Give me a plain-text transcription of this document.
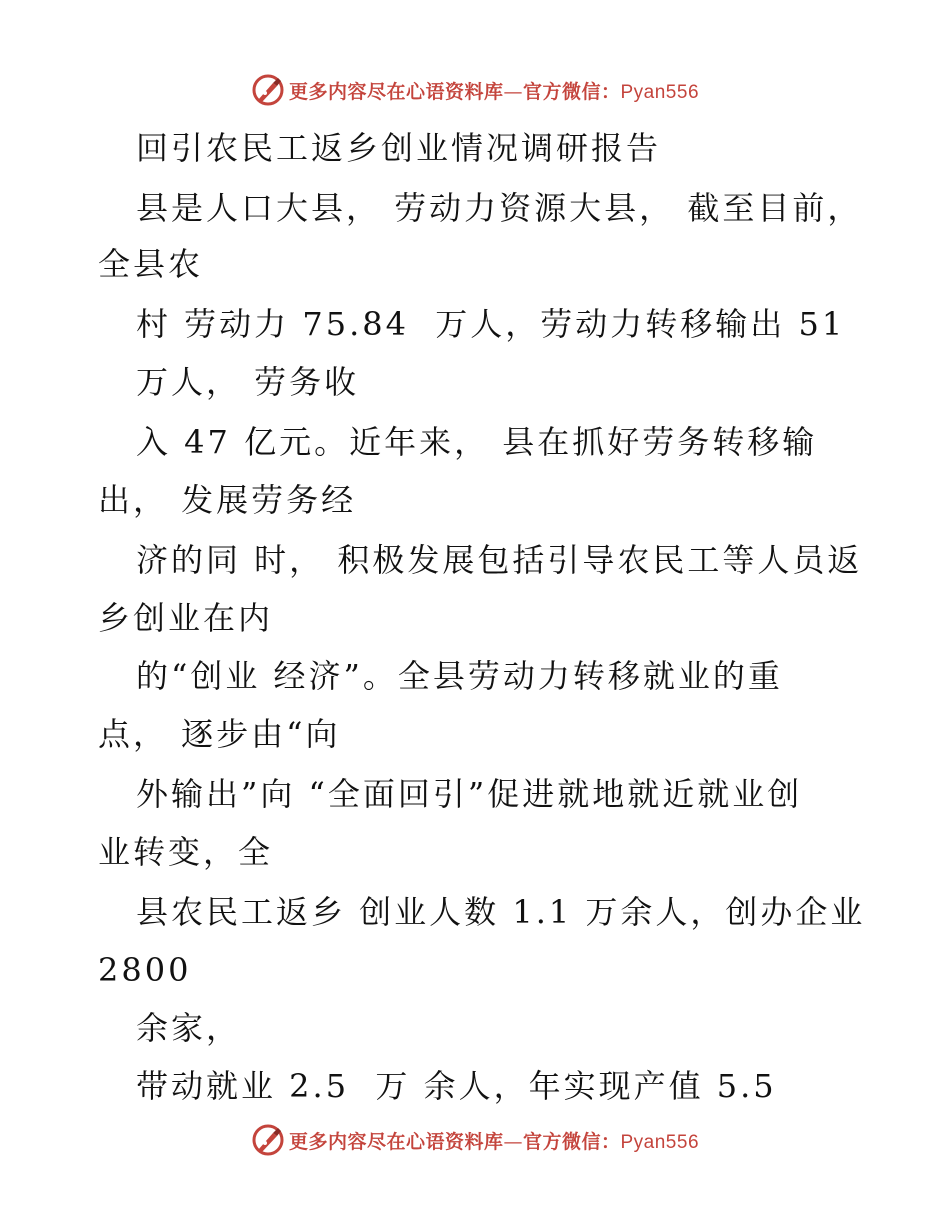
更多内容尽在心语资料库—官方微信：Pyan556
回引农民工返乡创业情况调研报告
县是人口大县， 劳动力资源大县， 截至目前，
全县农
村 劳动力 75.84  万人，劳动力转移输出 51
万人， 劳务收
入 47 亿元。近年来， 县在抓好劳务转移输
出， 发展劳务经
济的同 时， 积极发展包括引导农民工等人员返
乡创业在内
的“创业 经济”。全县劳动力转移就业的重
点， 逐步由“向
外输出”向 “全面回引”促进就地就近就业创
业转变，全
县农民工返乡 创业人数 1.1 万余人，创办企业
2800
余家，
带动就业 2.5  万 余人，年实现产值 5.5
更多内容尽在心语资料库—官方微信：Pyan556
